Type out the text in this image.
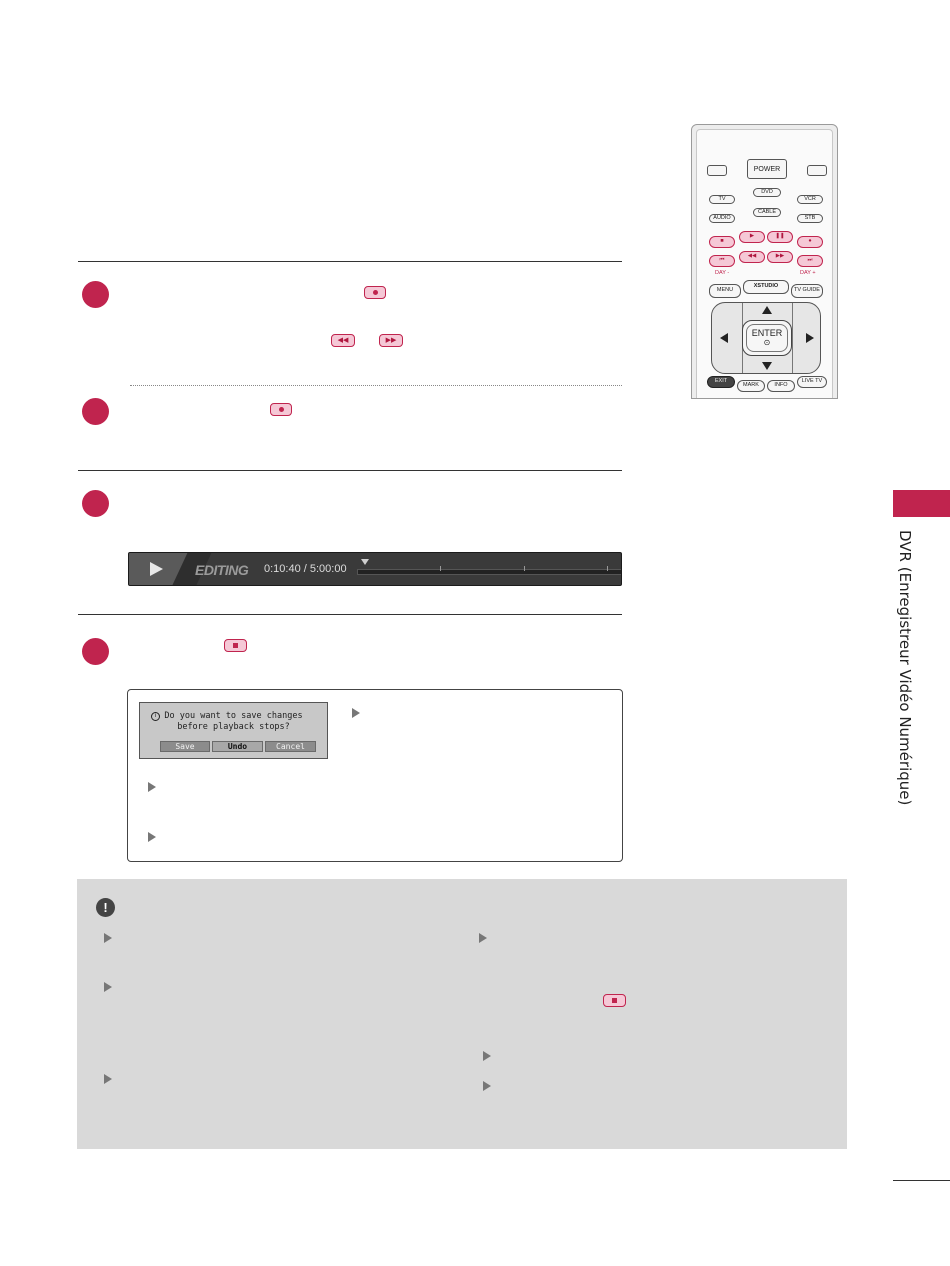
◀◀	▶▶
EDITING 0:10:40 / 5:00:00
i Do you want to save changes
before playback stops?
Save	Undo	Cancel
!
DVR (Enregistreur Vidéo Numérique)
POWER
TV
DVD
VCR
AUDIO
CABLE
STB
■
▶	❚❚
●
⏮
◀◀	▶▶
⏭
DAY -	DAY +
MENU
XSTUDIO
TV GUIDE
ENTER
⊙
EXIT
MARK	INFO
LIVE TV
